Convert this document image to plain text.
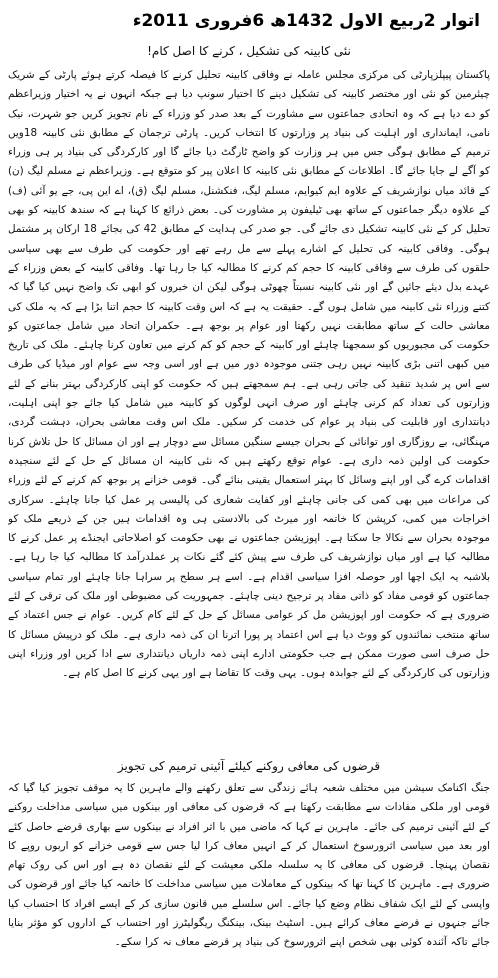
اتوار 2ربیع الاول 1432ھ 6فروری 2011ء
نئی کابینہ کی تشکیل ، کرنے کا اصل کام!

پاکستان پیپلزپارٹی کی مرکزی مجلس عاملہ نے وفاقی کابینہ تحلیل کرنے کا فیصلہ کرتے ہوئے پارٹی کے شریک چیئرمین کو نئی اور مختصر کابینہ کی تشکیل دینے کا اختیار سونپ دیا ہے جبکہ انہوں نے یہ اختیار وزیراعظم کو دے دیا ہے کہ وہ اتحادی جماعتوں سے مشاورت کے بعد صدر کو وزراء کے نام تجویز کریں جو شہرت، نیک نامی، ایمانداری اور اہلیت کی بنیاد پر وزارتوں کا انتخاب کریں۔ پارٹی ترجمان کے مطابق نئی کابینہ 18ویں ترمیم کے مطابق ہوگی جس میں ہر وزارت کو واضح ٹارگٹ دیا جائے گا اور کارکردگی کی بنیاد پر ہی وزراء کو آگے لے جایا جائے گا۔ اطلاعات کے مطابق نئی کابینہ کا اعلان پیر کو متوقع ہے۔ وزیراعظم نے مسلم لیگ (ن) کے قائد میاں نوازشریف کے علاوہ ایم کیوایم، مسلم لیگ، فنکشنل، مسلم لیگ (ق)، اے این پی، جے یو آئی (ف) کے علاوہ دیگر جماعتوں کے ساتھ بھی ٹیلیفون پر مشاورت کی۔ بعض ذرائع کا کہنا ہے کہ سندھ کابینہ کو بھی تحلیل کر کے نئی کابینہ تشکیل دی جائے گی۔ جو صدر کی ہدایت کے مطابق 42 کی بجائے 18 ارکان پر مشتمل ہوگی۔ وفاقی کابینہ کی تحلیل کے اشارے پہلے سے مل رہے تھے اور حکومت کی طرف سے بھی سیاسی حلقوں کی طرف سے وفاقی کابینہ کا حجم کم کرنے کا مطالبہ کیا جا رہا تھا۔ وفاقی کابینہ کے بعض وزراء کے عہدے بدل دیئے جائیں گے اور نئی کابینہ نسبتاً چھوٹی ہوگی لیکن ان خبروں کو ابھی تک واضح نہیں کیا گیا کہ کتنے وزراء نئی کابینہ میں شامل ہوں گے۔ حقیقت یہ ہے کہ اس وقت کابینہ کا حجم اتنا بڑا ہے کہ یہ ملک کی معاشی حالت کے ساتھ مطابقت نہیں رکھتا اور عوام پر بوجھ ہے۔ حکمران اتحاد میں شامل جماعتوں کو حکومت کی مجبوریوں کو سمجھنا چاہئے اور کابینہ کے حجم کو کم کرنے میں تعاون کرنا چاہئے۔ ملک کی تاریخ میں کبھی اتنی بڑی کابینہ نہیں رہی جتنی موجودہ دور میں ہے اور اسی وجہ سے عوام اور میڈیا کی طرف سے اس پر شدید تنقید کی جاتی رہی ہے۔ ہم سمجھتے ہیں کہ حکومت کو اپنی کارکردگی بہتر بنانے کے لئے وزارتوں کی تعداد کم کرنی چاہئے اور صرف انہی لوگوں کو کابینہ میں شامل کیا جائے جو اپنی اہلیت، دیانتداری اور قابلیت کی بنیاد پر عوام کی خدمت کر سکیں۔ ملک اس وقت معاشی بحران، دہشت گردی، مہنگائی، بے روزگاری اور توانائی کے بحران جیسے سنگین مسائل سے دوچار ہے اور ان مسائل کا حل تلاش کرنا حکومت کی اولین ذمہ داری ہے۔ عوام توقع رکھتے ہیں کہ نئی کابینہ ان مسائل کے حل کے لئے سنجیدہ اقدامات کرے گی اور اپنے وسائل کا بہتر استعمال یقینی بنائے گی۔ قومی خزانے پر بوجھ کم کرنے کے لئے وزراء کی مراعات میں بھی کمی کی جانی چاہئے اور کفایت شعاری کی پالیسی پر عمل کیا جانا چاہئے۔ سرکاری اخراجات میں کمی، کرپشن کا خاتمہ اور میرٹ کی بالادستی ہی وہ اقدامات ہیں جن کے ذریعے ملک کو موجودہ بحران سے نکالا جا سکتا ہے۔ اپوزیشن جماعتوں نے بھی حکومت کو اصلاحاتی ایجنڈے پر عمل کرنے کا مطالبہ کیا ہے اور میاں نوازشریف کی طرف سے پیش کئے گئے نکات پر عملدرآمد کا مطالبہ کیا جا رہا ہے۔ بلاشبہ یہ ایک اچھا اور حوصلہ افزا سیاسی اقدام ہے۔ اسے ہر سطح پر سراہا جانا چاہئے اور تمام سیاسی جماعتوں کو قومی مفاد کو ذاتی مفاد پر ترجیح دینی چاہئے۔ جمہوریت کی مضبوطی اور ملک کی ترقی کے لئے ضروری ہے کہ حکومت اور اپوزیشن مل کر عوامی مسائل کے حل کے لئے کام کریں۔ عوام نے جس اعتماد کے ساتھ منتخب نمائندوں کو ووٹ دیا ہے اس اعتماد پر پورا اترنا ان کی ذمہ داری ہے۔ ملک کو درپیش مسائل کا حل صرف اسی صورت ممکن ہے جب حکومتی ادارے اپنی ذمہ داریاں دیانتداری سے ادا کریں اور وزراء اپنی وزارتوں کی کارکردگی کے لئے جوابدہ ہوں۔ یہی وقت کا تقاضا ہے اور یہی کرنے کا اصل کام ہے۔

قرضوں کی معافی روکنے کیلئے آئینی ترمیم کی تجویز

جنگ اکنامک سیشن میں مختلف شعبہ ہائے زندگی سے تعلق رکھنے والے ماہرین کا یہ موقف تجویز کیا گیا کہ قومی اور ملکی مفادات سے مطابقت رکھتا ہے کہ قرضوں کی معافی اور بینکوں میں سیاسی مداخلت روکنے کے لئے آئینی ترمیم کی جائے۔ ماہرین نے کہا کہ ماضی میں با اثر افراد نے بینکوں سے بھاری قرضے حاصل کئے اور بعد میں سیاسی اثرورسوخ استعمال کر کے انہیں معاف کرا لیا جس سے قومی خزانے کو اربوں روپے کا نقصان پہنچا۔ قرضوں کی معافی کا یہ سلسلہ ملکی معیشت کے لئے نقصان دہ ہے اور اس کی روک تھام ضروری ہے۔ ماہرین کا کہنا تھا کہ بینکوں کے معاملات میں سیاسی مداخلت کا خاتمہ کیا جائے اور قرضوں کی واپسی کے لئے ایک شفاف نظام وضع کیا جائے۔ اس سلسلے میں قانون سازی کر کے ایسے افراد کا احتساب کیا جائے جنہوں نے قرضے معاف کرائے ہیں۔ اسٹیٹ بینک، بینکنگ ریگولیٹرز اور احتساب کے اداروں کو مؤثر بنایا جائے تاکہ آئندہ کوئی بھی شخص اپنے اثرورسوخ کی بنیاد پر قرضے معاف نہ کرا سکے۔
